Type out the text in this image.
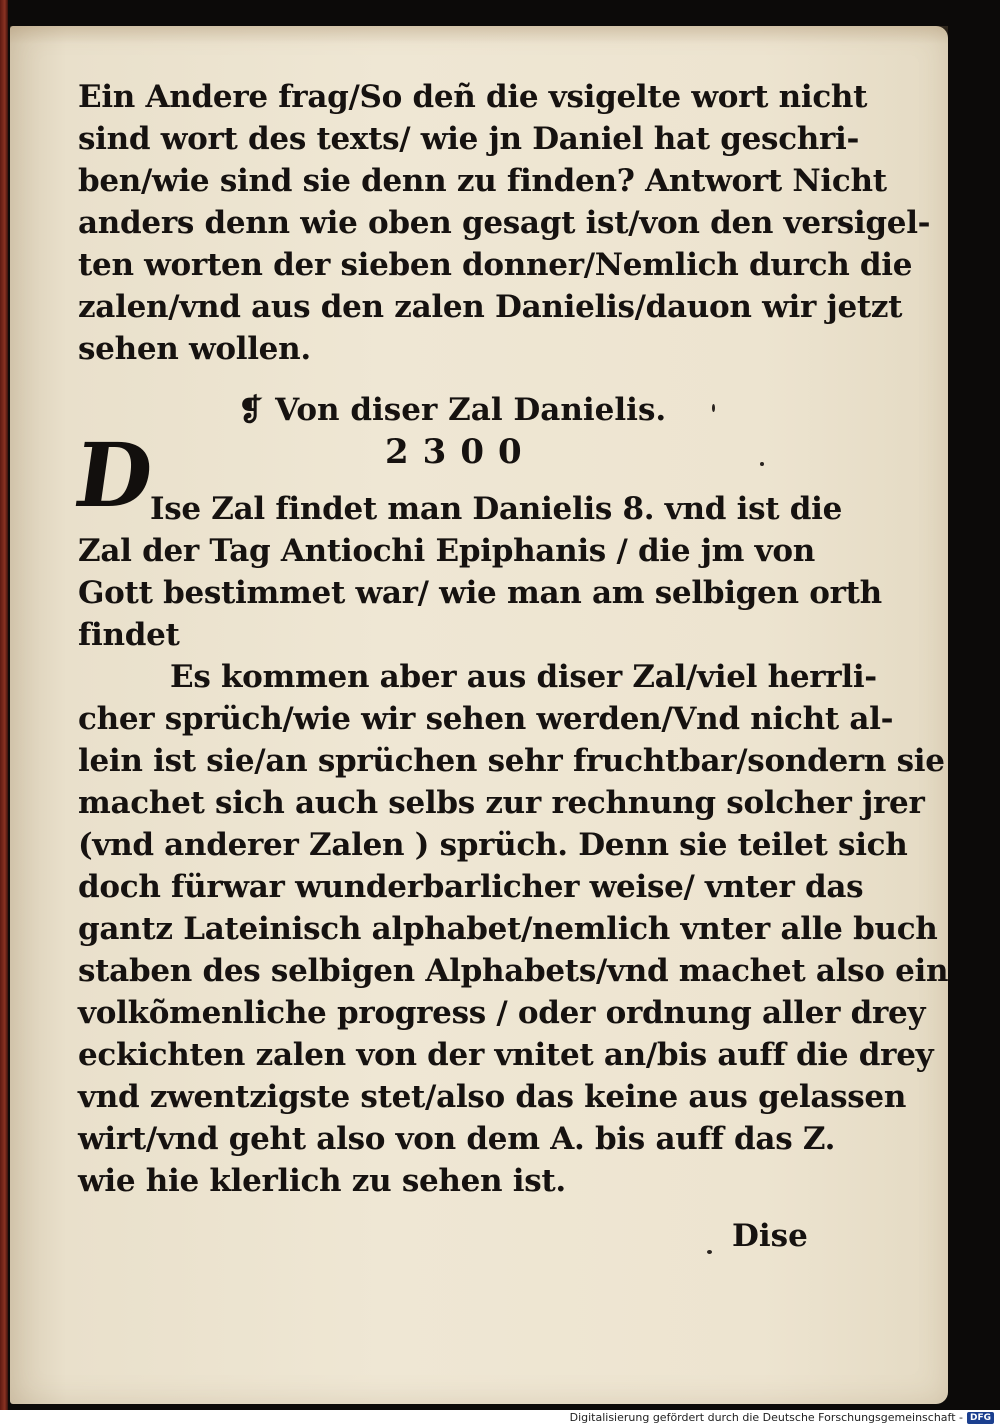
Ein Andere frag/So deñ die vsigelte wort nicht
sind wort des texts/ wie jn Daniel hat geschri-
ben/wie sind sie denn zu finden? Antwort Nicht
anders denn wie oben gesagt ist/von den versigel-
ten worten der sieben donner/Nemlich durch die
zalen/vnd aus den zalen Danielis/dauon wir jetzt
sehen wollen.
❡ Von diser Zal Danielis.
2300
D
Ise Zal findet man Danielis 8. vnd ist die
Zal der Tag Antiochi Epiphanis / die jm von
Gott bestimmet war/ wie man am selbigen orth
findet
Es kommen aber aus diser Zal/viel herrli-
cher sprüch/wie wir sehen werden/Vnd nicht al-
lein ist sie/an sprüchen sehr fruchtbar/sondern sie
machet sich auch selbs zur rechnung solcher jrer
(vnd anderer Zalen ) sprüch. Denn sie teilet sich
doch fürwar wunderbarlicher weise/ vnter das
gantz Lateinisch alphabet/nemlich vnter alle buch
staben des selbigen Alphabets/vnd machet also ein
volkõmenliche progress / oder ordnung aller drey
eckichten zalen von der vnitet an/bis auff die drey
vnd zwentzigste stet/also das keine aus gelassen
wirt/vnd geht also von dem A. bis auff das Z.
wie hie klerlich zu sehen ist.
Dise
Digitalisierung gefördert durch die Deutsche Forschungsgemeinschaft - DFG
